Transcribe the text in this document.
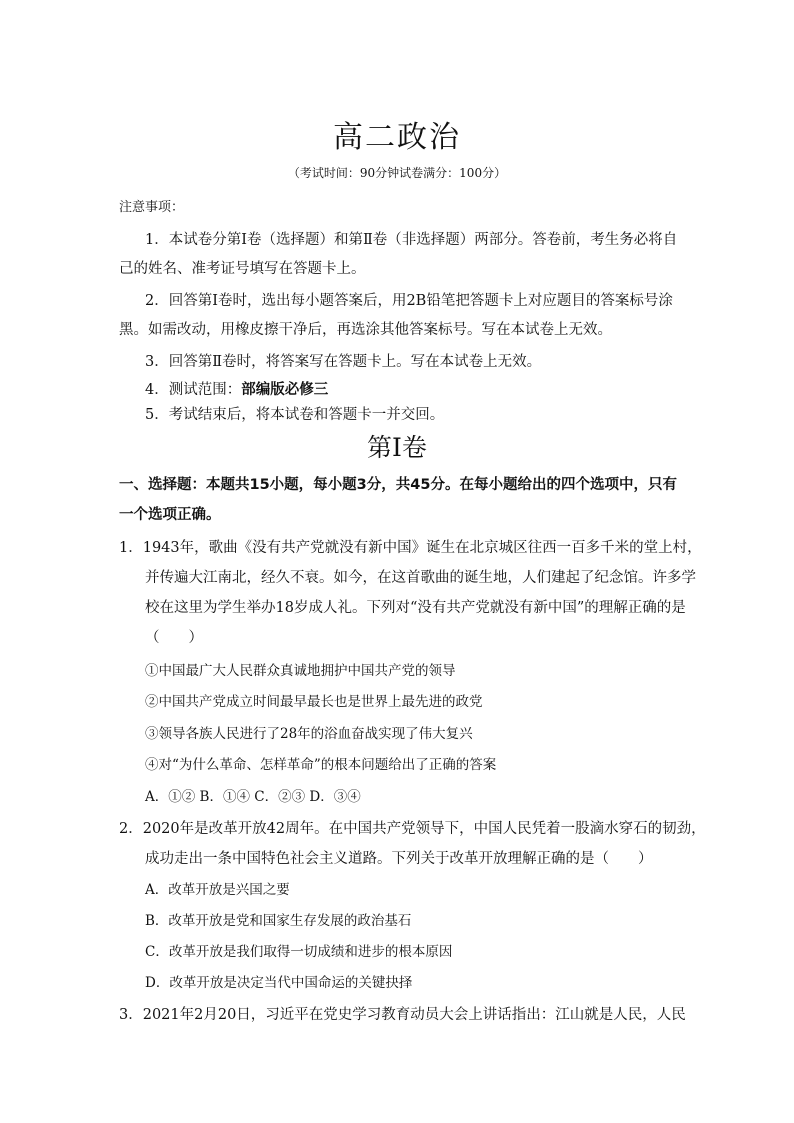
高二政治
（考试时间：90分钟试卷满分：100分）
注意事项：
1．本试卷分第Ⅰ卷（选择题）和第Ⅱ卷（非选择题）两部分。答卷前，考生务必将自
己的姓名、准考证号填写在答题卡上。
2．回答第Ⅰ卷时，选出每小题答案后，用2B铅笔把答题卡上对应题目的答案标号涂
黑。如需改动，用橡皮擦干净后，再选涂其他答案标号。写在本试卷上无效。
3．回答第Ⅱ卷时，将答案写在答题卡上。写在本试卷上无效。
4．测试范围：部编版必修三
5．考试结束后，将本试卷和答题卡一并交回。
第Ⅰ卷
一、选择题：本题共15小题，每小题3分，共45分。在每小题给出的四个选项中，只有
一个选项正确。
1．1943年，歌曲《没有共产党就没有新中国》诞生在北京城区往西一百多千米的堂上村，
并传遍大江南北，经久不衰。如今，在这首歌曲的诞生地，人们建起了纪念馆。许多学
校在这里为学生举办18岁成人礼。下列对“没有共产党就没有新中国”的理解正确的是
（　　）
①中国最广大人民群众真诚地拥护中国共产党的领导
②中国共产党成立时间最早最长也是世界上最先进的政党
③领导各族人民进行了28年的浴血奋战实现了伟大复兴
④对“为什么革命、怎样革命”的根本问题给出了正确的答案
A．①② B．①④ C．②③ D．③④
2．2020年是改革开放42周年。在中国共产党领导下，中国人民凭着一股滴水穿石的韧劲，
成功走出一条中国特色社会主义道路。下列关于改革开放理解正确的是（　　）
A．改革开放是兴国之要
B．改革开放是党和国家生存发展的政治基石
C．改革开放是我们取得一切成绩和进步的根本原因
D．改革开放是决定当代中国命运的关键抉择
3．2021年2月20日，习近平在党史学习教育动员大会上讲话指出：江山就是人民，人民
